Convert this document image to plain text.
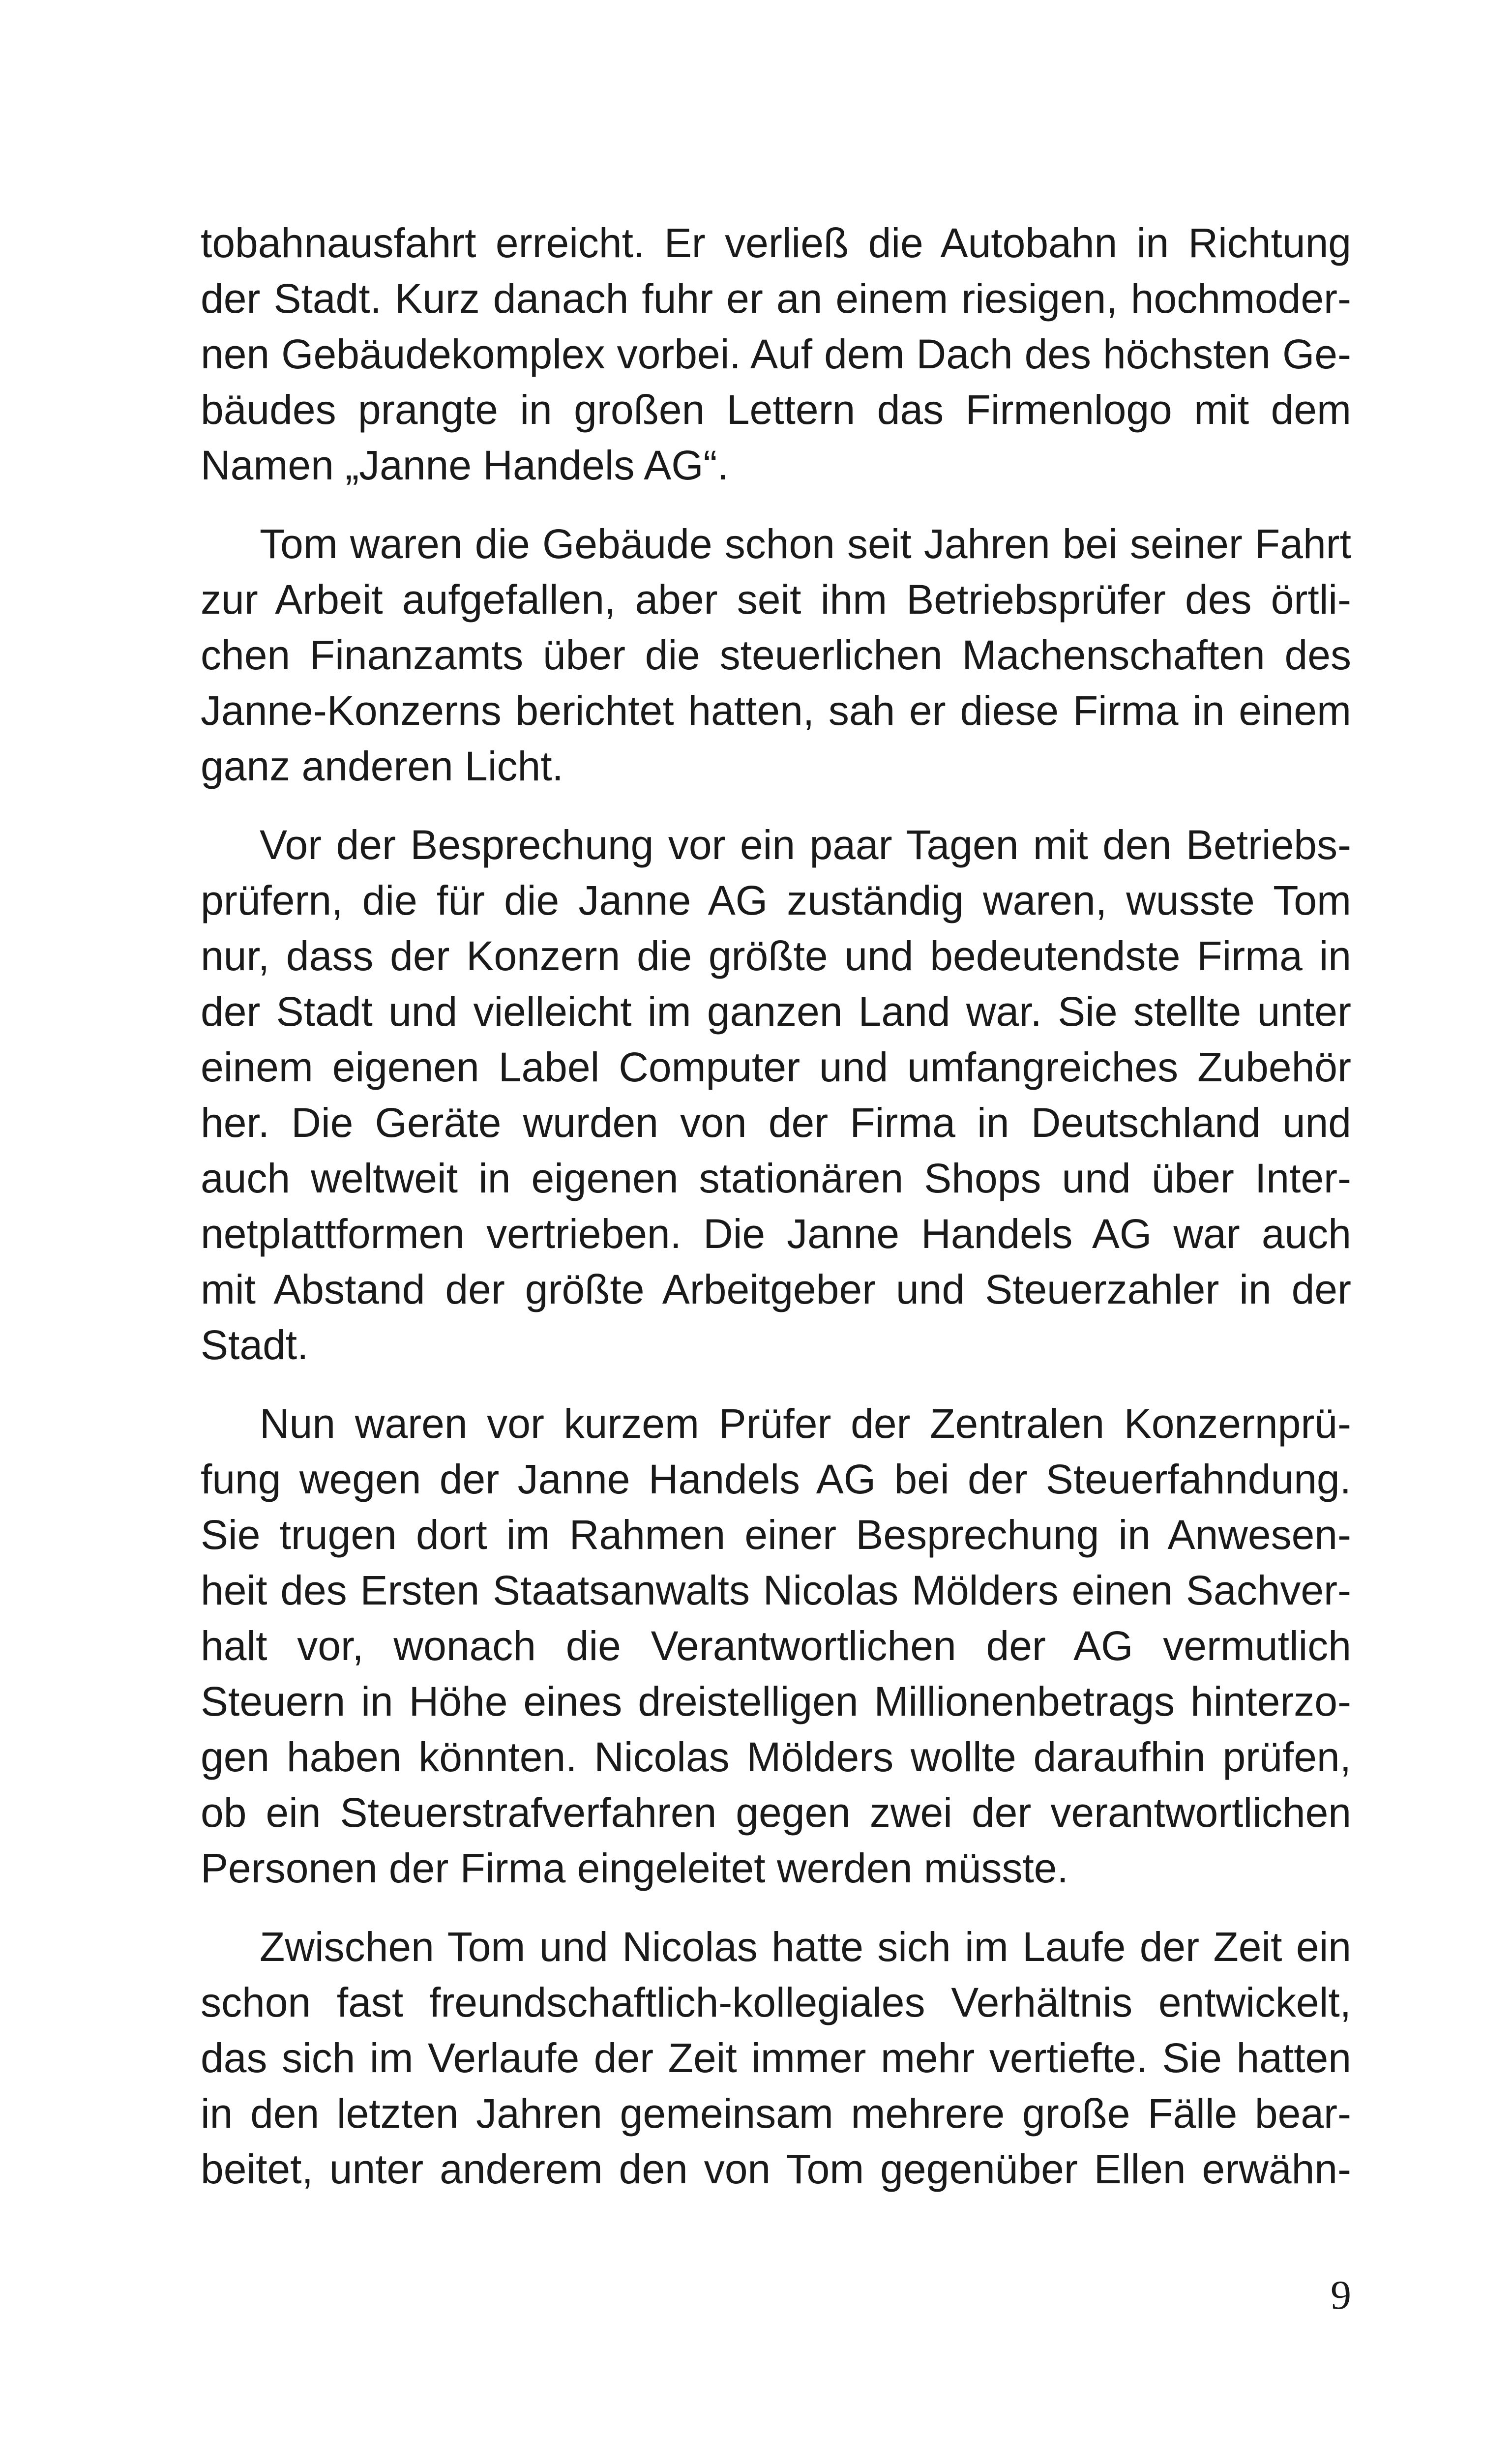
tobahnausfahrt erreicht. Er verließ die Autobahn in Richtung
der Stadt. Kurz danach fuhr er an einem riesigen, hochmoder-
nen Gebäudekomplex vorbei. Auf dem Dach des höchsten Ge-
bäudes prangte in großen Lettern das Firmenlogo mit dem
Namen „Janne Handels AG“.
Tom waren die Gebäude schon seit Jahren bei seiner Fahrt
zur Arbeit aufgefallen, aber seit ihm Betriebsprüfer des örtli-
chen Finanzamts über die steuerlichen Machenschaften des
Janne-Konzerns berichtet hatten, sah er diese Firma in einem
ganz anderen Licht.
Vor der Besprechung vor ein paar Tagen mit den Betriebs-
prüfern, die für die Janne AG zuständig waren, wusste Tom
nur, dass der Konzern die größte und bedeutendste Firma in
der Stadt und vielleicht im ganzen Land war. Sie stellte unter
einem eigenen Label Computer und umfangreiches Zubehör
her. Die Geräte wurden von der Firma in Deutschland und
auch weltweit in eigenen stationären Shops und über Inter-
netplattformen vertrieben. Die Janne Handels AG war auch
mit Abstand der größte Arbeitgeber und Steuerzahler in der
Stadt.
Nun waren vor kurzem Prüfer der Zentralen Konzernprü-
fung wegen der Janne Handels AG bei der Steuerfahndung.
Sie trugen dort im Rahmen einer Besprechung in Anwesen-
heit des Ersten Staatsanwalts Nicolas Mölders einen Sachver-
halt vor, wonach die Verantwortlichen der AG vermutlich
Steuern in Höhe eines dreistelligen Millionenbetrags hinterzo-
gen haben könnten. Nicolas Mölders wollte daraufhin prüfen,
ob ein Steuerstrafverfahren gegen zwei der verantwortlichen
Personen der Firma eingeleitet werden müsste.
Zwischen Tom und Nicolas hatte sich im Laufe der Zeit ein
schon fast freundschaftlich-kollegiales Verhältnis entwickelt,
das sich im Verlaufe der Zeit immer mehr vertiefte. Sie hatten
in den letzten Jahren gemeinsam mehrere große Fälle bear-
beitet, unter anderem den von Tom gegenüber Ellen erwähn-
9
